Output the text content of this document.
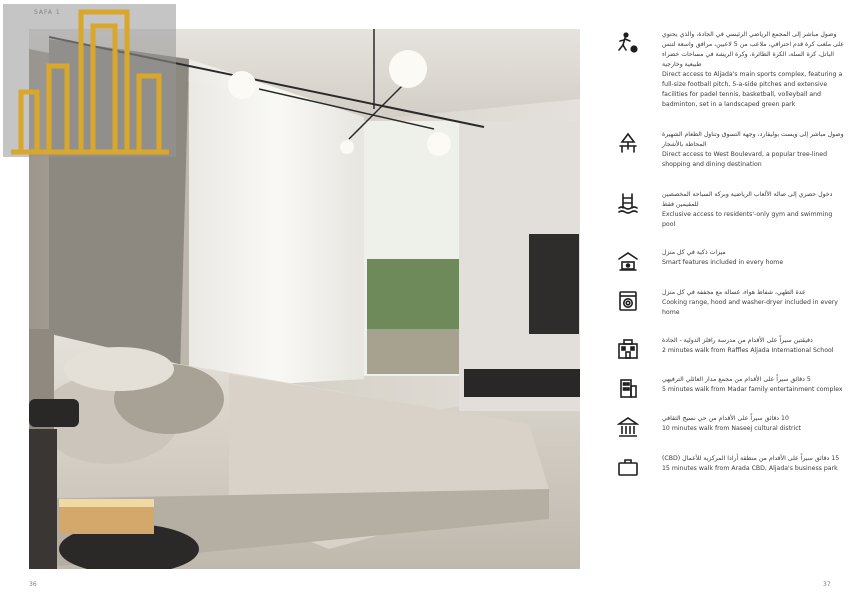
وصول مباشر إلى المجمع الرياضي الرئيسي في الجادة، والذي يحتوي على ملعب كرة قدم احترافي، ملاعب من 5 لاعبين، مرافق واسعة لتنس الباتل، كرة السلة، الكرة الطائرة، وكرة الريشة في مساحات خضراء طبيعية وخارجية
Direct access to Aljada's main sports complex, featuring a full-size football pitch, 5-a-side pitches and extensive facilities for padel tennis, basketball, volleyball and badminton, set in a landscaped green park
وصول مباشر إلى ويست بوليفارد، وجهة التسوق وتناول الطعام الشهيرة المحاطة بالأشجار
Direct access to West Boulevard, a popular tree-lined shopping and dining destination
دخول حصري إلى صالة الألعاب الرياضية وبركة السباحة المخصصين للمقيمين فقط
Exclusive access to residents'-only gym and swimming pool
ميزات ذكية في كل منزل
Smart features included in every home
عدة الطهي، شفاط هواء، غسالة مع مجففة في كل منزل
Cooking range, hood and washer-dryer included in every home
دقيقتين سيراً على الأقدام من مدرسة رافلز الدولية - الجادة
2 minutes walk from Raffles Aljada International School
5 دقائق سيراً على الأقدام من مجمع مدار العائلي الترفيهي
5 minutes walk from Madar family entertainment complex
10 دقائق سيراً على الأقدام من حي نسيج الثقافي
10 minutes walk from Naseej cultural district
15 دقائق سيراً على الأقدام من منطقة أرادا المركزية للأعمال (CBD)
15 minutes walk from Arada CBD, Aljada's business park
36	37
